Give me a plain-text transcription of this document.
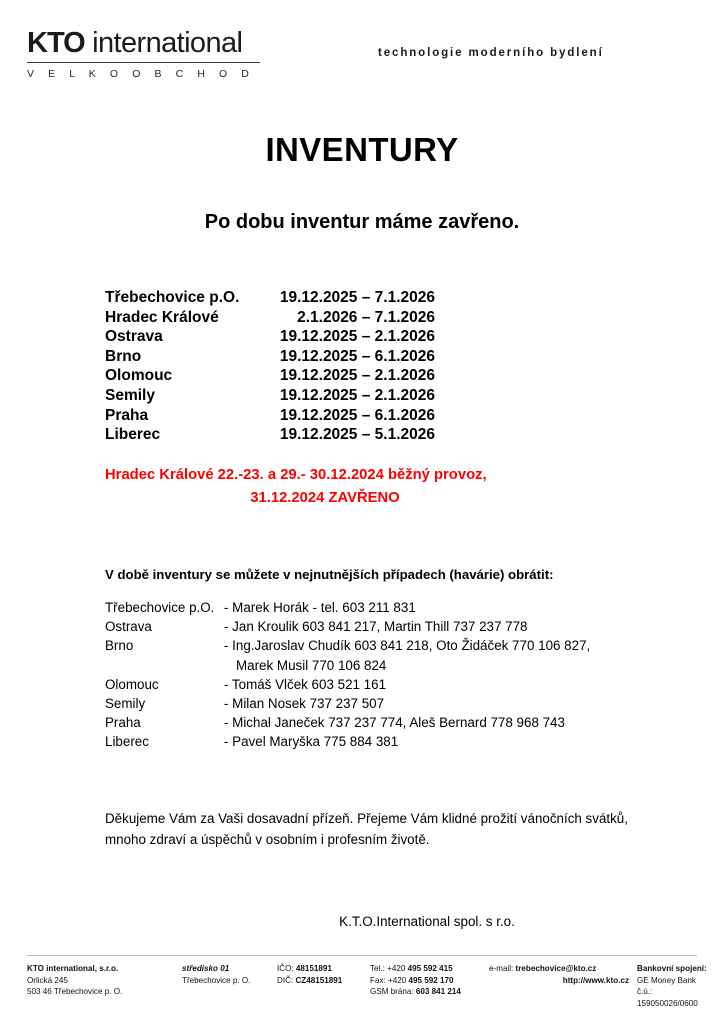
KTO international
V E L K O O B C H O D
technologie moderního bydlení
INVENTURY
Po dobu inventur máme zavřeno.
Třebechovice p.O.	19.12.2025 – 7.1.2026
Hradec Králové	2.1.2026 – 7.1.2026
Ostrava	19.12.2025 – 2.1.2026
Brno	19.12.2025 – 6.1.2026
Olomouc	19.12.2025 – 2.1.2026
Semily	19.12.2025 – 2.1.2026
Praha	19.12.2025 – 6.1.2026
Liberec	19.12.2025 – 5.1.2026
Hradec Králové 22.-23. a 29.- 30.12.2024 běžný provoz,
31.12.2024 ZAVŘENO
V době inventury se můžete v nejnutnějších případech (havárie) obrátit:
Třebechovice p.O. - Marek Horák - tel. 603 211 831
Ostrava	- Jan Kroulik 603 841 217, Martin Thill 737 237 778
Brno	- Ing.Jaroslav Chudík 603 841 218, Oto Židáček 770 106 827,
Marek Musil 770 106 824
Olomouc	- Tomáš Vlček 603 521 161
Semily	- Milan Nosek 737 237 507
Praha	- Michal Janeček 737 237 774, Aleš Bernard 778 968 743
Liberec	- Pavel Maryška 775 884 381
Děkujeme Vám za Vaši dosavadní přízeň. Přejeme Vám klidné prožití vánočních svátků, mnoho zdraví a úspěchů v osobním i profesním životě.
K.T.O.International spol. s r.o.
KTO international, s.r.o.
Orlická 245
503 46 Třebechovice p. O.
středisko 01
Třebechovice p. O.
IČO: 48151891
DIČ: CZ48151891
Tel.: +420 495 592 415
Fax: +420 495 592 170
GSM brána: 603 841 214
e-mail: trebechovice@kto.cz
http://www.kto.cz
Bankovní spojení:
GE Money Bank
č.ú.: 159050026/0600
